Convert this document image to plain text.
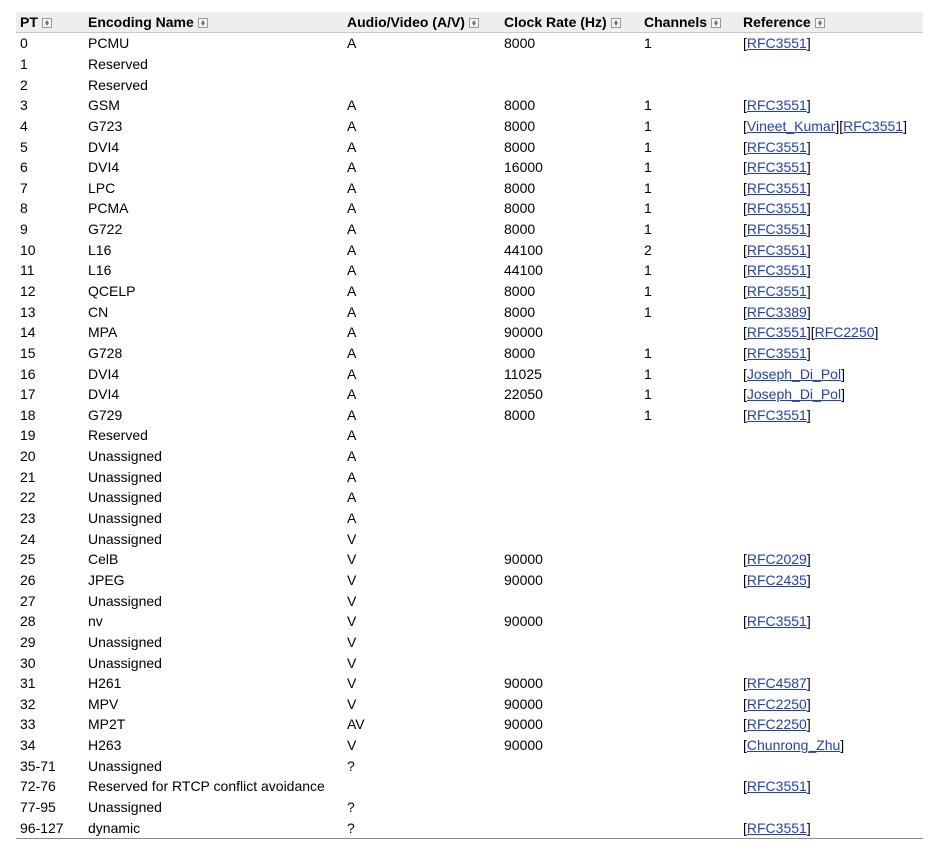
PT	Encoding Name	Audio/Video (A/V)	Clock Rate (Hz)	Channels	Reference
0	PCMU	A	8000	1	[RFC3551]
1	Reserved				
2	Reserved				
3	GSM	A	8000	1	[RFC3551]
4	G723	A	8000	1	[Vineet_Kumar][RFC3551]
5	DVI4	A	8000	1	[RFC3551]
6	DVI4	A	16000	1	[RFC3551]
7	LPC	A	8000	1	[RFC3551]
8	PCMA	A	8000	1	[RFC3551]
9	G722	A	8000	1	[RFC3551]
10	L16	A	44100	2	[RFC3551]
11	L16	A	44100	1	[RFC3551]
12	QCELP	A	8000	1	[RFC3551]
13	CN	A	8000	1	[RFC3389]
14	MPA	A	90000		[RFC3551][RFC2250]
15	G728	A	8000	1	[RFC3551]
16	DVI4	A	11025	1	[Joseph_Di_Pol]
17	DVI4	A	22050	1	[Joseph_Di_Pol]
18	G729	A	8000	1	[RFC3551]
19	Reserved	A			
20	Unassigned	A			
21	Unassigned	A			
22	Unassigned	A			
23	Unassigned	A			
24	Unassigned	V			
25	CelB	V	90000		[RFC2029]
26	JPEG	V	90000		[RFC2435]
27	Unassigned	V			
28	nv	V	90000		[RFC3551]
29	Unassigned	V			
30	Unassigned	V			
31	H261	V	90000		[RFC4587]
32	MPV	V	90000		[RFC2250]
33	MP2T	AV	90000		[RFC2250]
34	H263	V	90000		[Chunrong_Zhu]
35-71	Unassigned	?			
72-76	Reserved for RTCP conflict avoidance				[RFC3551]
77-95	Unassigned	?			
96-127	dynamic	?			[RFC3551]
